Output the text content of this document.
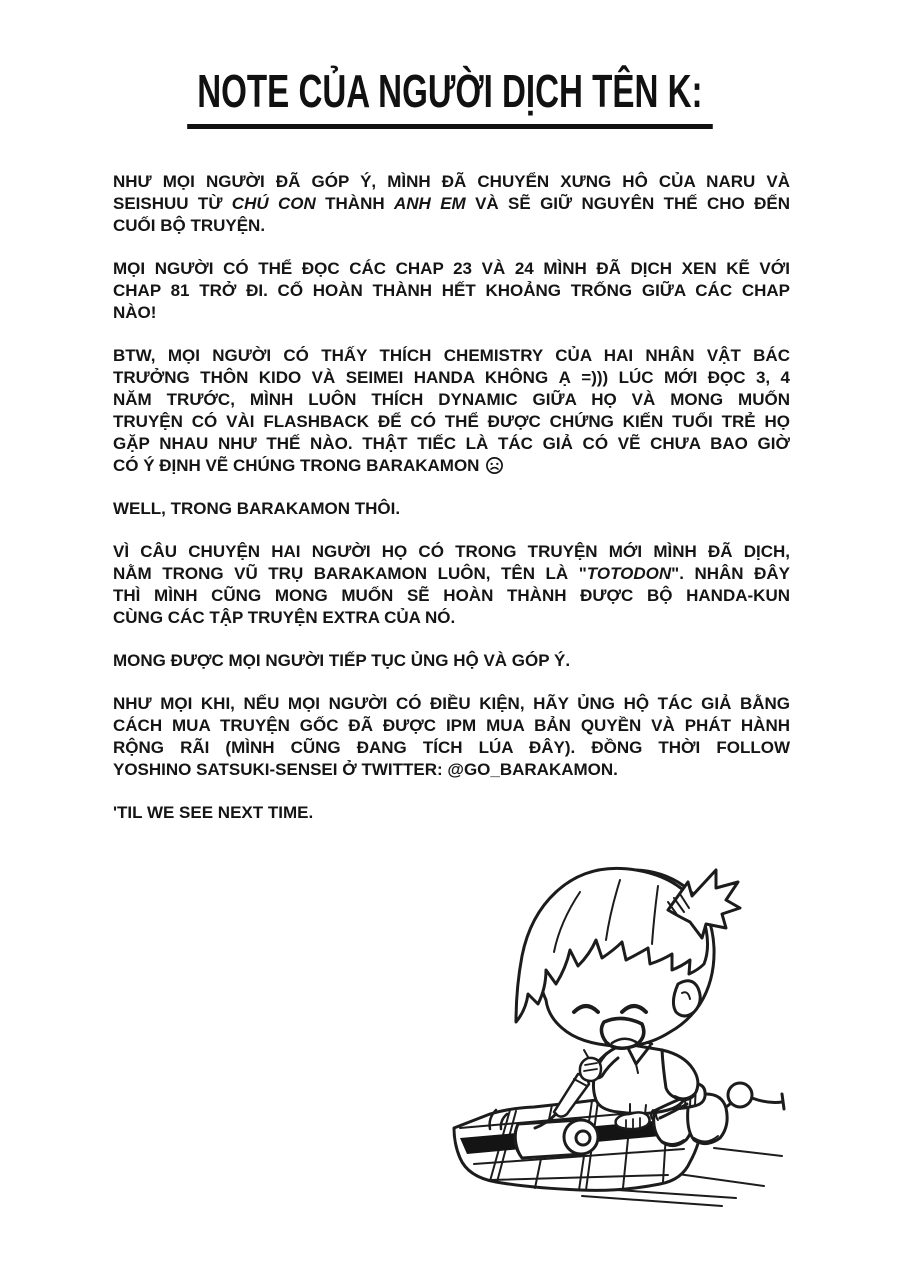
NOTE CỦA NGƯỜI DỊCH TÊN K:
NHƯ MỌI NGƯỜI ĐÃ GÓP Ý, MÌNH ĐÃ CHUYỂN XƯNG HÔ CỦA NARU VÀ
SEISHUU TỪ CHÚ CON THÀNH ANH EM VÀ SẼ GIỮ NGUYÊN THẾ CHO ĐẾN
CUỐI BỘ TRUYỆN.
MỌI NGƯỜI CÓ THỂ ĐỌC CÁC CHAP 23 VÀ 24 MÌNH ĐÃ DỊCH XEN KẼ VỚI
CHAP 81 TRỞ ĐI. CỐ HOÀN THÀNH HẾT KHOẢNG TRỐNG GIỮA CÁC CHAP
NÀO!
BTW, MỌI NGƯỜI CÓ THẤY THÍCH CHEMISTRY CỦA HAI NHÂN VẬT BÁC
TRƯỞNG THÔN KIDO VÀ SEIMEI HANDA KHÔNG Ạ =))) LÚC MỚI ĐỌC 3, 4
NĂM TRƯỚC, MÌNH LUÔN THÍCH DYNAMIC GIỮA HỌ VÀ MONG MUỐN
TRUYỆN CÓ VÀI FLASHBACK ĐỂ CÓ THỂ ĐƯỢC CHỨNG KIẾN TUỔI TRẺ HỌ
GẶP NHAU NHƯ THẾ NÀO. THẬT TIẾC LÀ TÁC GIẢ CÓ VẼ CHƯA BAO GIỜ
CÓ Ý ĐỊNH VẼ CHÚNG TRONG BARAKAMON
WELL, TRONG BARAKAMON THÔI.
VÌ CÂU CHUYỆN HAI NGƯỜI HỌ CÓ TRONG TRUYỆN MỚI MÌNH ĐÃ DỊCH,
NẰM TRONG VŨ TRỤ BARAKAMON LUÔN, TÊN LÀ "TOTODON". NHÂN ĐÂY
THÌ MÌNH CŨNG MONG MUỐN SẼ HOÀN THÀNH ĐƯỢC BỘ HANDA-KUN
CÙNG CÁC TẬP TRUYỆN EXTRA CỦA NÓ.
MONG ĐƯỢC MỌI NGƯỜI TIẾP TỤC ỦNG HỘ VÀ GÓP Ý.
NHƯ MỌI KHI, NẾU MỌI NGƯỜI CÓ ĐIỀU KIỆN, HÃY ỦNG HỘ TÁC GIẢ BẰNG
CÁCH MUA TRUYỆN GỐC ĐÃ ĐƯỢC IPM MUA BẢN QUYỀN VÀ PHÁT HÀNH
RỘNG RÃI (MÌNH CŨNG ĐANG TÍCH LÚA ĐÂY). ĐỒNG THỜI FOLLOW
YOSHINO SATSUKI-SENSEI Ở TWITTER: @GO_BARAKAMON.
'TIL WE SEE NEXT TIME.
